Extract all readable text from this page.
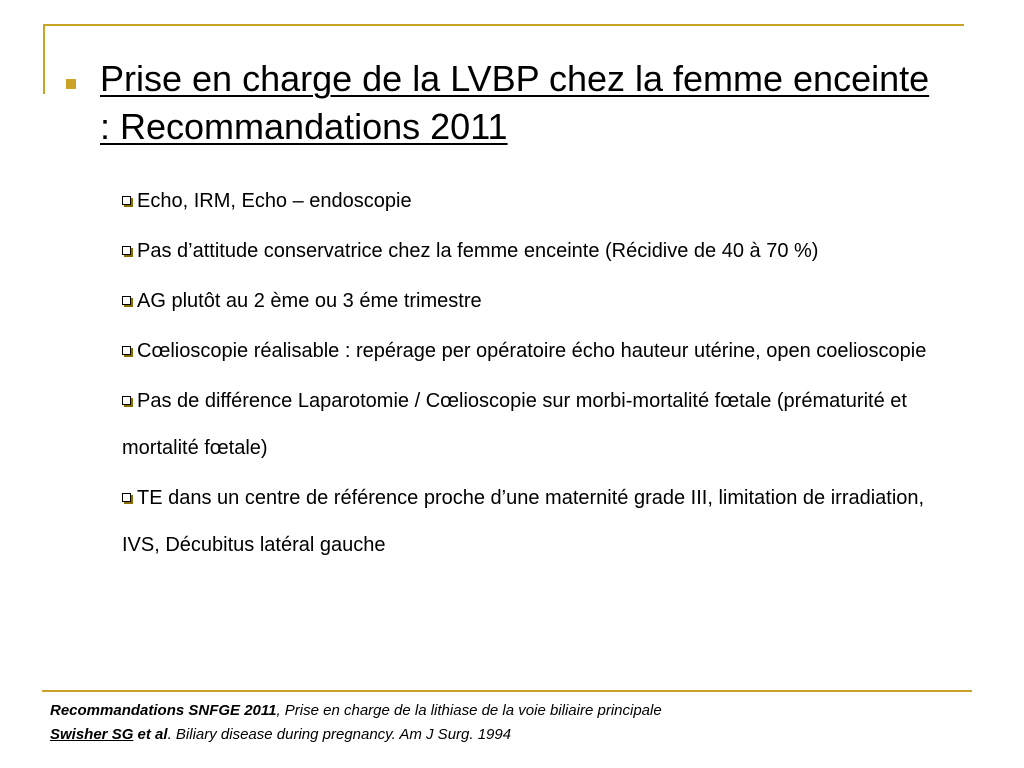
Prise en charge de la LVBP chez la femme enceinte : Recommandations 2011
Echo, IRM, Echo – endoscopie
Pas d’attitude conservatrice chez la femme enceinte (Récidive de 40 à 70 %)
AG plutôt au 2 ème ou 3 éme trimestre
Cœlioscopie réalisable : repérage per opératoire écho hauteur utérine, open coelioscopie
Pas de différence Laparotomie / Cœlioscopie sur morbi-mortalité fœtale (prématurité et mortalité fœtale)
TE dans un centre de référence proche d’une maternité grade III, limitation de irradiation, IVS, Décubitus latéral gauche
Recommandations SNFGE 2011, Prise en charge de la lithiase de la voie biliaire principale
Swisher SG et al. Biliary disease during pregnancy. Am J Surg. 1994
